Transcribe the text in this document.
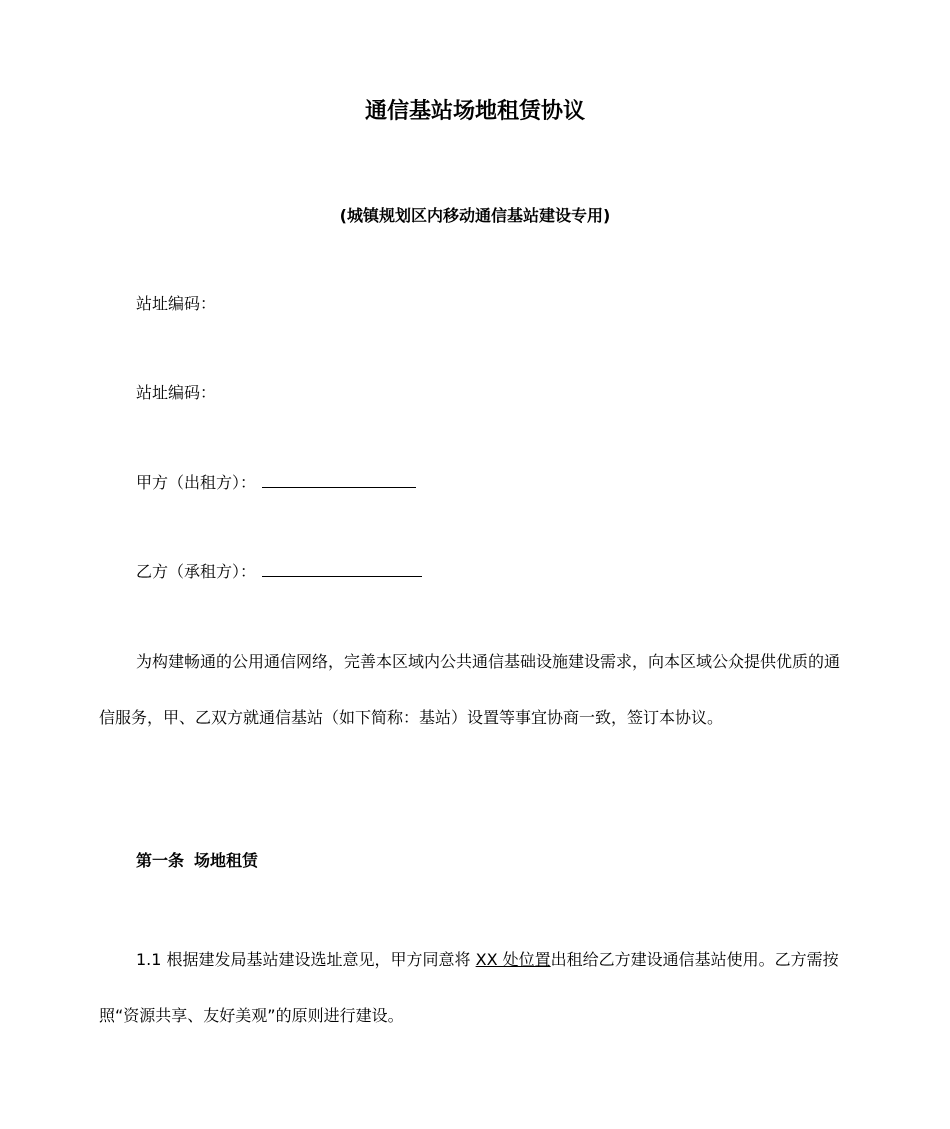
通信基站场地租赁协议
(城镇规划区内移动通信基站建设专用)
站址编码：
站址编码：
甲方（出租方）：
乙方（承租方）：
为构建畅通的公用通信网络，完善本区域内公共通信基础设施建设需求，向本区域公众提供优质的通信服务，甲、乙双方就通信基站（如下简称：基站）设置等事宜协商一致，签订本协议。
第一条 场地租赁
1.1 根据建发局基站建设选址意见，甲方同意将 XX 处位置出租给乙方建设通信基站使用。乙方需按照“资源共享、友好美观”的原则进行建设。
